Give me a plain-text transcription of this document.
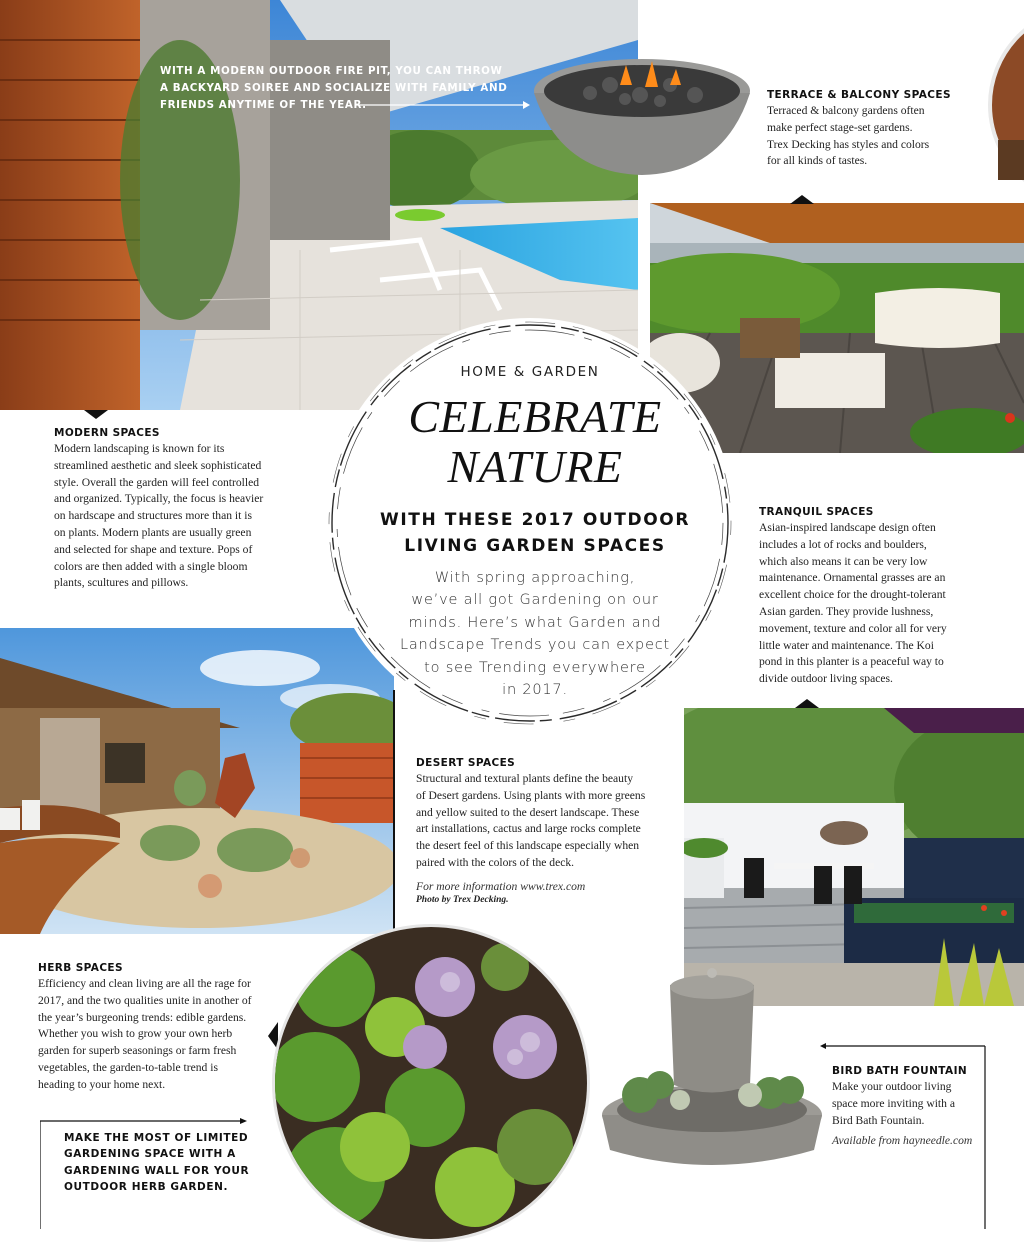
WITH A MODERN OUTDOOR FIRE PIT, YOU CAN THROW
A BACKYARD SOIREE AND SOCIALIZE WITH FAMILY AND
FRIENDS ANYTIME OF THE YEAR.
TERRACE & BALCONY SPACES
Terraced & balcony gardens often
make perfect stage-set gardens.
Trex Decking has styles and colors
for all kinds of tastes.
MODERN SPACES
Modern landscaping is known for its
streamlined aesthetic and sleek sophisticated
style. Overall the garden will feel controlled
and organized. Typically, the focus is heavier
on hardscape and structures more than it is
on plants. Modern plants are usually green
and selected for shape and texture. Pops of
colors are then added with a single bloom
plants, scultures and pillows.
HOME & GARDEN
CELEBRATE
NATURE
WITH THESE 2017 OUTDOOR
LIVING GARDEN SPACES
With spring approaching,
we’ve all got Gardening on our
minds. Here’s what Garden and
Landscape Trends you can expect
to see Trending everywhere
in 2017.
TRANQUIL SPACES
Asian-inspired landscape design often
includes a lot of rocks and boulders,
which also means it can be very low
maintenance. Ornamental grasses are an
excellent choice for the drought-tolerant
Asian garden. They provide lushness,
movement, texture and color all for very
little water and maintenance. The Koi
pond in this planter is a peaceful way to
divide outdoor living spaces.
DESERT SPACES
Structural and textural plants define the beauty
of Desert gardens. Using plants with more greens
and yellow suited to the desert landscape. These
art installations, cactus and large rocks complete
the desert feel of this landscape especially when
paired with the colors of the deck.
For more information www.trex.com
Photo by Trex Decking.
HERB SPACES
Efficiency and clean living are all the rage for
2017, and the two qualities unite in another of
the year’s burgeoning trends: edible gardens.
Whether you wish to grow your own herb
garden for superb seasonings or farm fresh
vegetables, the garden-to-table trend is
heading to your home next.
MAKE THE MOST OF LIMITED
GARDENING SPACE WITH A
GARDENING WALL FOR YOUR
OUTDOOR HERB GARDEN.
BIRD BATH FOUNTAIN
Make your outdoor living
space more inviting with a
Bird Bath Fountain.
Available from hayneedle.com
